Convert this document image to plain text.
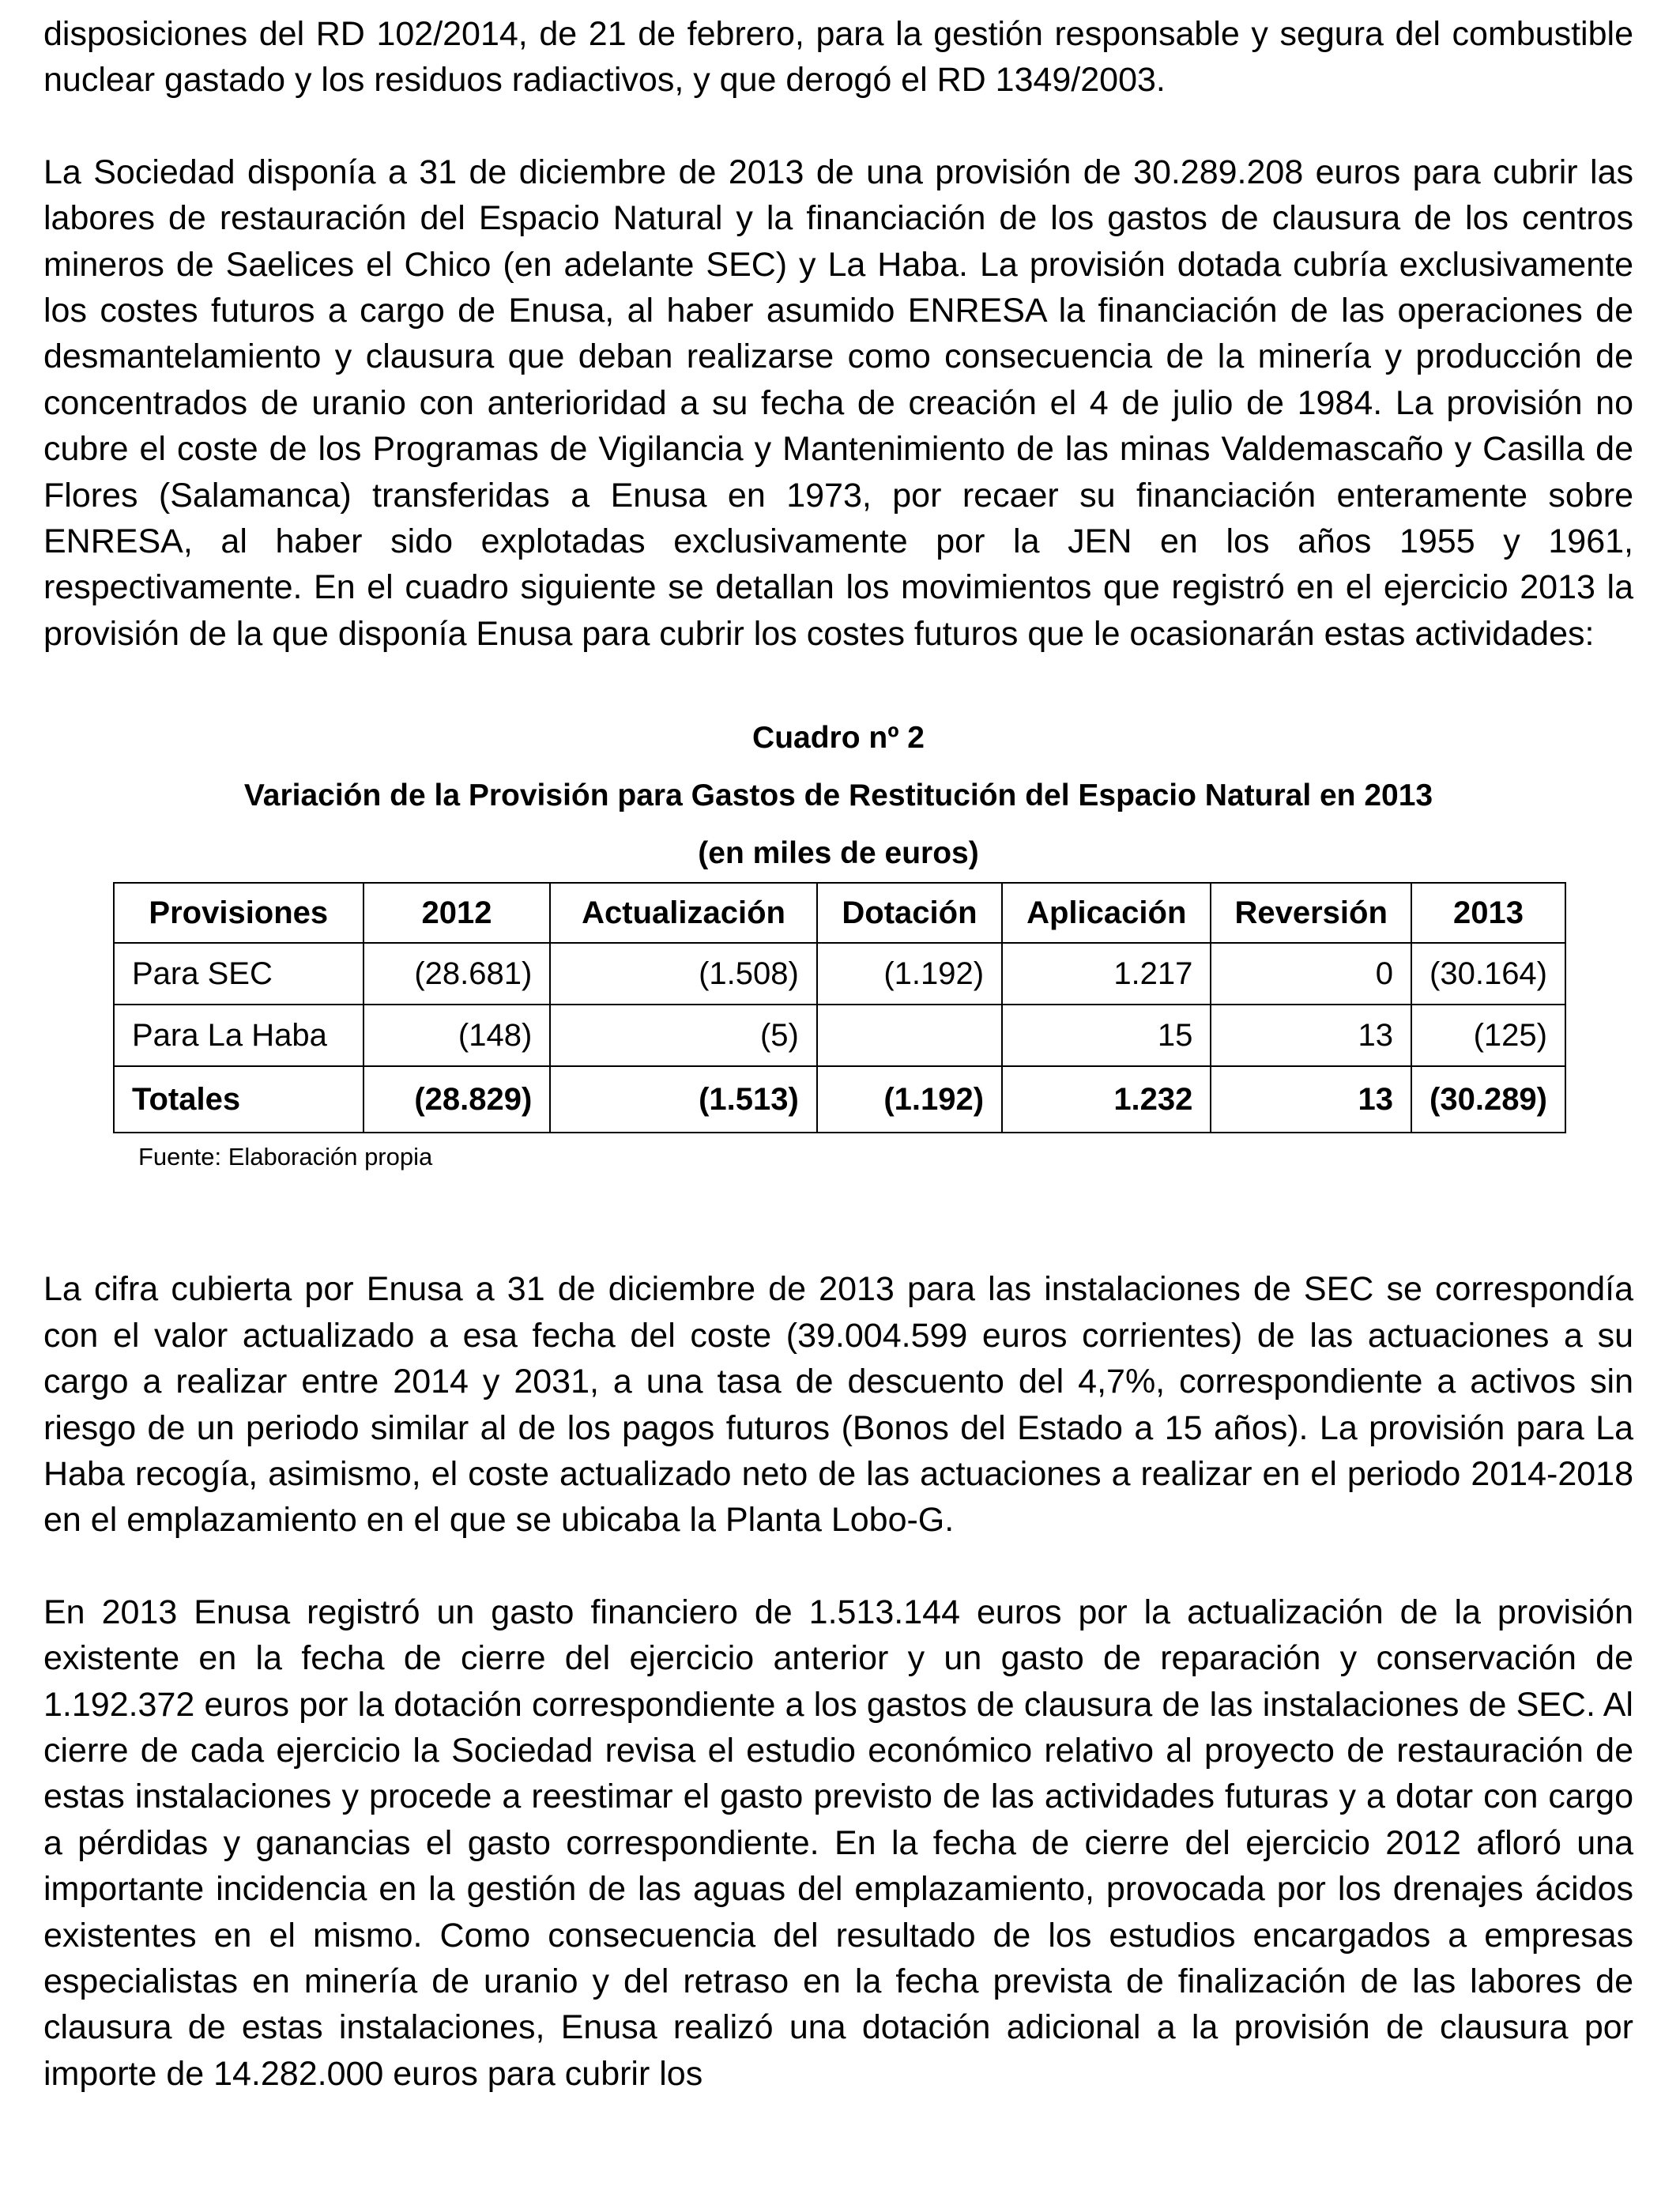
disposiciones del RD 102/2014, de 21 de febrero, para la gestión responsable y segura del combustible nuclear gastado y los residuos radiactivos, y que derogó el RD 1349/2003.

La Sociedad disponía a 31 de diciembre de 2013 de una provisión de 30.289.208 euros para cubrir las labores de restauración del Espacio Natural y la financiación de los gastos de clausura de los centros mineros de Saelices el Chico (en adelante SEC) y La Haba. La provisión dotada cubría exclusivamente los costes futuros a cargo de Enusa, al haber asumido ENRESA la financiación de las operaciones de desmantelamiento y clausura que deban realizarse como consecuencia de la minería y producción de concentrados de uranio con anterioridad a su fecha de creación el 4 de julio de 1984. La provisión no cubre el coste de los Programas de Vigilancia y Mantenimiento de las minas Valdemascaño y Casilla de Flores (Salamanca) transferidas a Enusa en 1973, por recaer su financiación enteramente sobre ENRESA, al haber sido explotadas exclusivamente por la JEN en los años 1955 y 1961, respectivamente. En el cuadro siguiente se detallan los movimientos que registró en el ejercicio 2013 la provisión de la que disponía Enusa para cubrir los costes futuros que le ocasionarán estas actividades:

Cuadro nº 2

Variación de la Provisión para Gastos de Restitución del Espacio Natural en 2013

(en miles de euros)

Provisiones	2012	Actualización	Dotación	Aplicación	Reversión	2013
Para SEC	(28.681)	(1.508)	(1.192)	1.217	0	(30.164)
Para La Haba	(148)	(5)		15	13	(125)
Totales	(28.829)	(1.513)	(1.192)	1.232	13	(30.289)
Fuente: Elaboración propia

La cifra cubierta por Enusa a 31 de diciembre de 2013 para las instalaciones de SEC se correspondía con el valor actualizado a esa fecha del coste (39.004.599 euros corrientes) de las actuaciones a su cargo a realizar entre 2014 y 2031, a una tasa de descuento del 4,7%, correspondiente a activos sin riesgo de un periodo similar al de los pagos futuros (Bonos del Estado a 15 años). La provisión para La Haba recogía, asimismo, el coste actualizado neto de las actuaciones a realizar en el periodo 2014-2018 en el emplazamiento en el que se ubicaba la Planta Lobo-G.

En 2013 Enusa registró un gasto financiero de 1.513.144 euros por la actualización de la provisión existente en la fecha de cierre del ejercicio anterior y un gasto de reparación y conservación de 1.192.372 euros por la dotación correspondiente a los gastos de clausura de las instalaciones de SEC. Al cierre de cada ejercicio la Sociedad revisa el estudio económico relativo al proyecto de restauración de estas instalaciones y procede a reestimar el gasto previsto de las actividades futuras y a dotar con cargo a pérdidas y ganancias el gasto correspondiente. En la fecha de cierre del ejercicio 2012 afloró una importante incidencia en la gestión de las aguas del emplazamiento, provocada por los drenajes ácidos existentes en el mismo. Como consecuencia del resultado de los estudios encargados a empresas especialistas en minería de uranio y del retraso en la fecha prevista de finalización de las labores de clausura de estas instalaciones, Enusa realizó una dotación adicional a la provisión de clausura por importe de 14.282.000 euros para cubrir los
